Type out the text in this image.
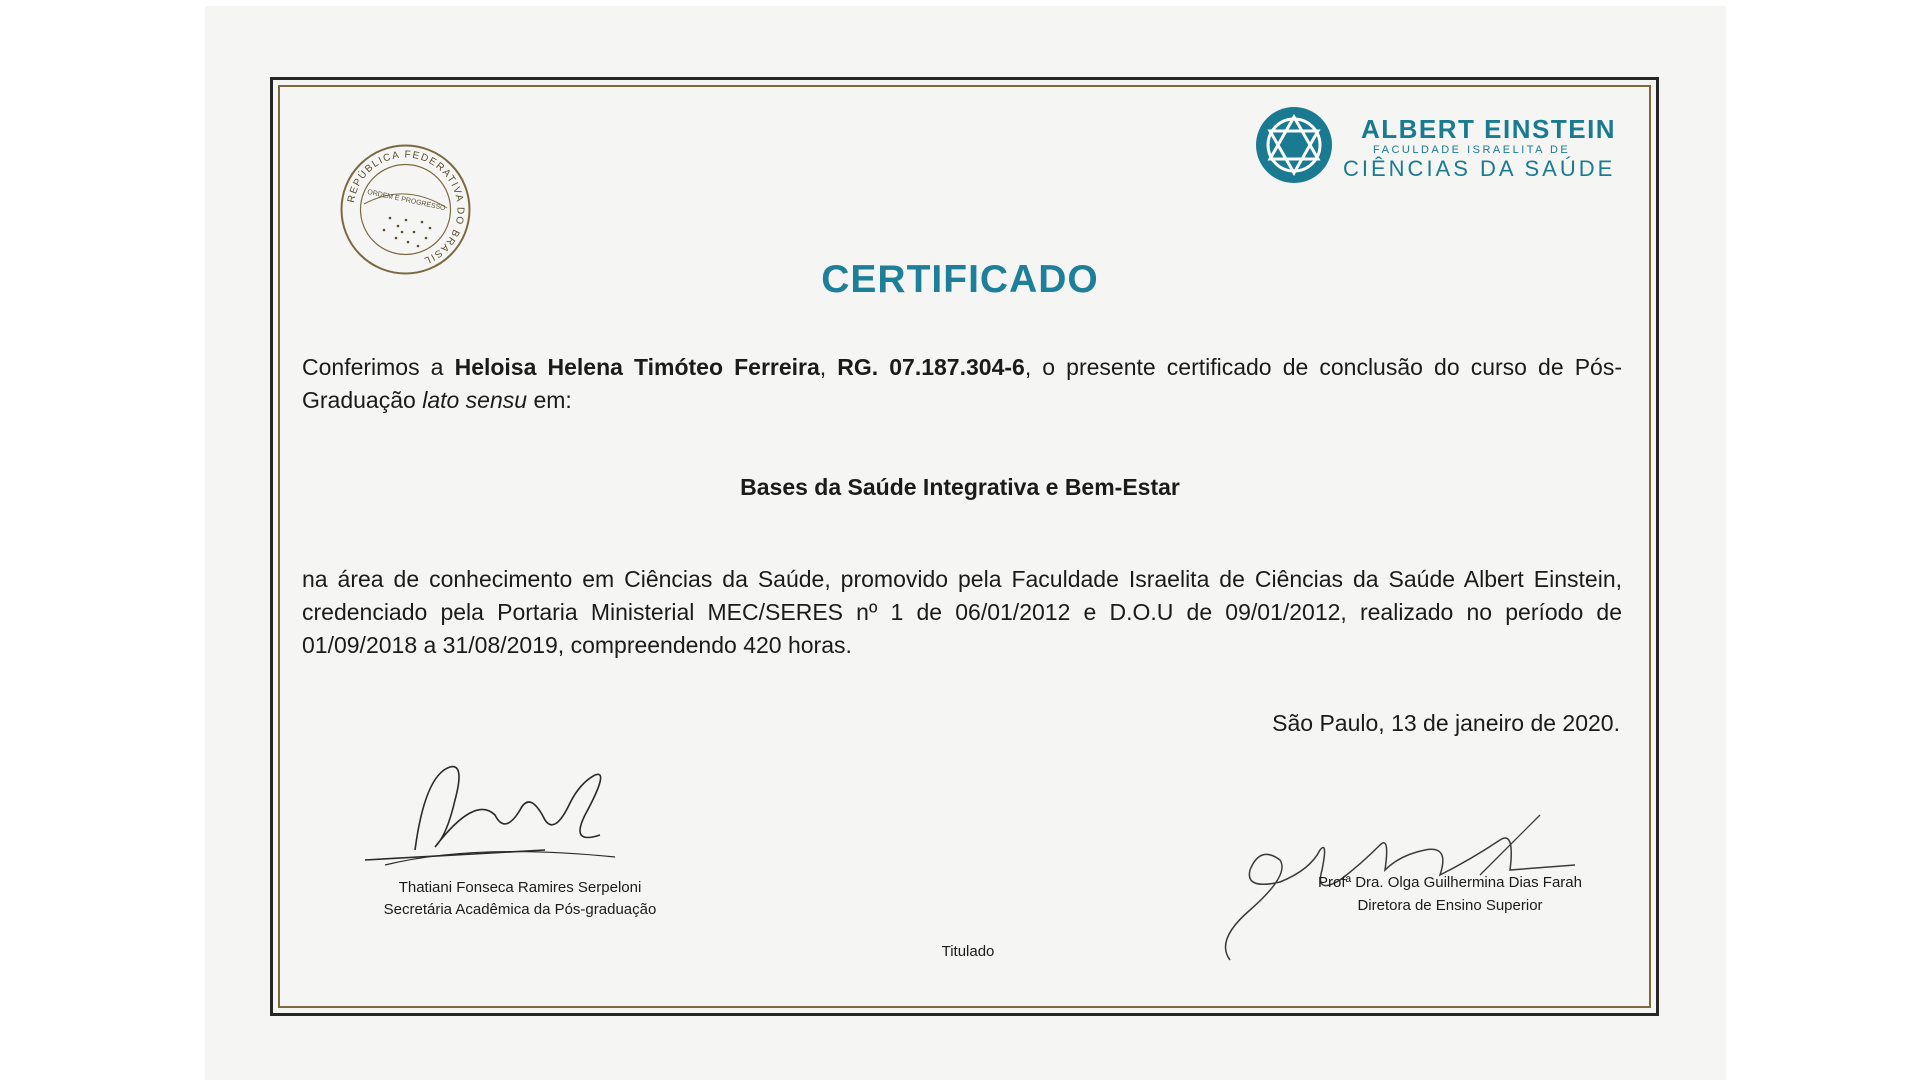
REPÚBLICA FEDERATIVA DO BRASIL
ORDEM E PROGRESSO
ALBERT EINSTEIN
FACULDADE ISRAELITA DE
CIÊNCIAS DA SAÚDE
CERTIFICADO
Conferimos a Heloisa Helena Timóteo Ferreira, RG. 07.187.304-6, o presente certificado de conclusão do curso de Pós-Graduação lato sensu em:
Bases da Saúde Integrativa e Bem-Estar
na área de conhecimento em Ciências da Saúde, promovido pela Faculdade Israelita de Ciências da Saúde Albert Einstein, credenciado pela Portaria Ministerial MEC/SERES nº 1 de 06/01/2012 e D.O.U de 09/01/2012, realizado no período de 01/09/2018 a 31/08/2019, compreendendo 420 horas.
São Paulo, 13 de janeiro de 2020.
Thatiani Fonseca Ramires Serpeloni
Secretária Acadêmica da Pós-graduação
Profª Dra. Olga Guilhermina Dias Farah
Diretora de Ensino Superior
Titulado
